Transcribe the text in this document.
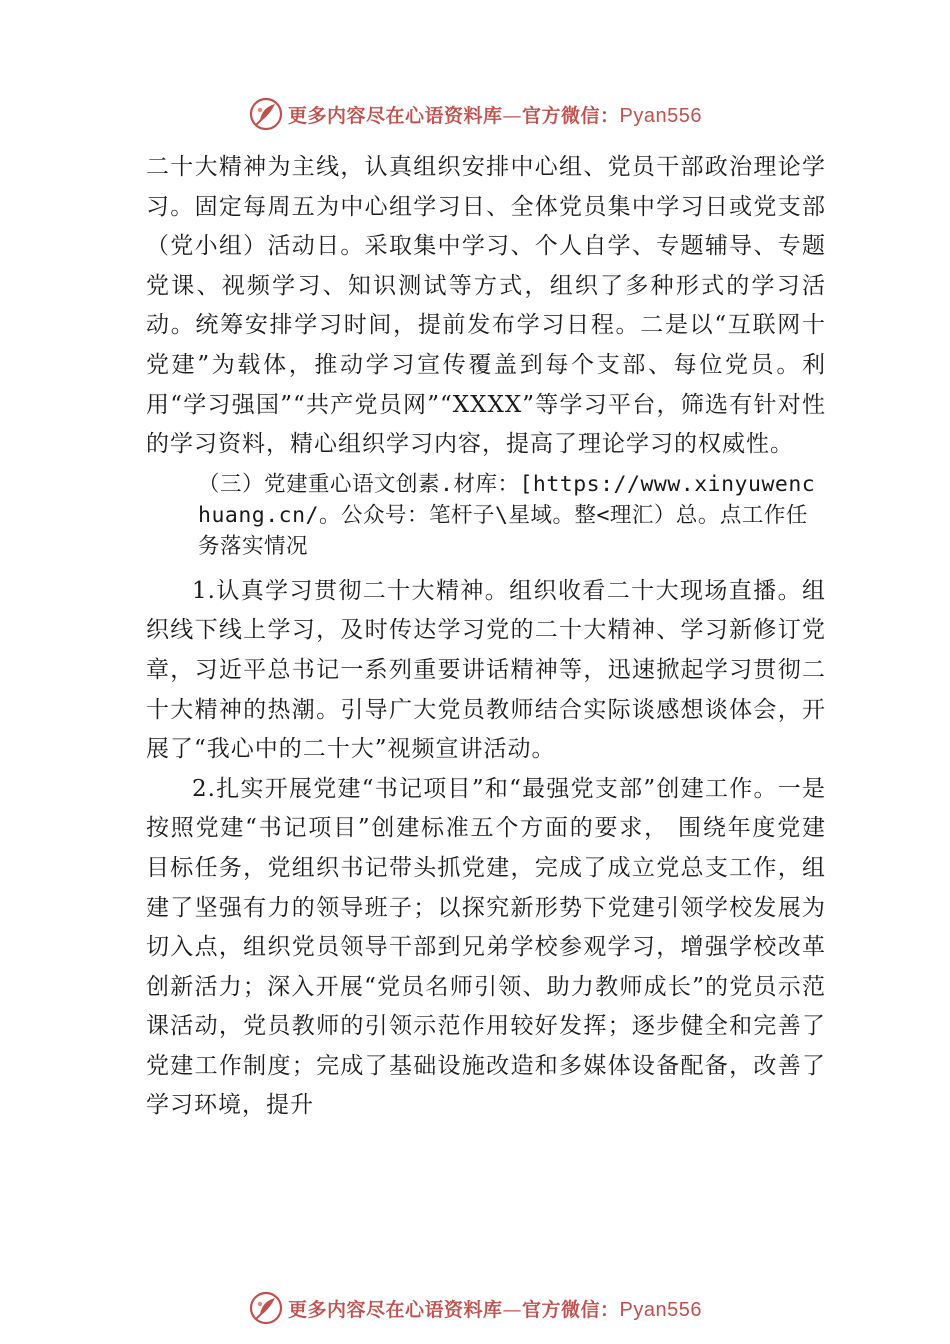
更多内容尽在心语资料库—官方微信：Pyan556

二十大精神为主线，认真组织安排中心组、党员干部政治理论学习。固定每周五为中心组学习日、全体党员集中学习日或党支部（党小组）活动日。采取集中学习、个人自学、专题辅导、专题党课、视频学习、知识测试等方式，组织了多种形式的学习活动。统筹安排学习时间，提前发布学习日程。二是以“互联网十党建”为载体，推动学习宣传覆盖到每个支部、每位党员。利用“学习强国”“共产党员网”“XXXX”等学习平台，筛选有针对性的学习资料，精心组织学习内容，提高了理论学习的权威性。

（三）党建重心语文创素.材库：[https://www.xinyuwenchuang.cn/。公众号：笔杆子\星域。整<理汇）总。点工作任务落实情况

1.认真学习贯彻二十大精神。组织收看二十大现场直播。组织线下线上学习，及时传达学习党的二十大精神、学习新修订党章，习近平总书记一系列重要讲话精神等，迅速掀起学习贯彻二十大精神的热潮。引导广大党员教师结合实际谈感想谈体会，开展了“我心中的二十大”视频宣讲活动。

2.扎实开展党建“书记项目”和“最强党支部”创建工作。一是按照党建“书记项目”创建标准五个方面的要求， 围绕年度党建目标任务，党组织书记带头抓党建，完成了成立党总支工作，组建了坚强有力的领导班子；以探究新形势下党建引领学校发展为切入点，组织党员领导干部到兄弟学校参观学习，增强学校改革创新活力；深入开展“党员名师引领、助力教师成长”的党员示范课活动，党员教师的引领示范作用较好发挥；逐步健全和完善了党建工作制度；完成了基础设施改造和多媒体设备配备，改善了学习环境，提升

更多内容尽在心语资料库—官方微信：Pyan556
